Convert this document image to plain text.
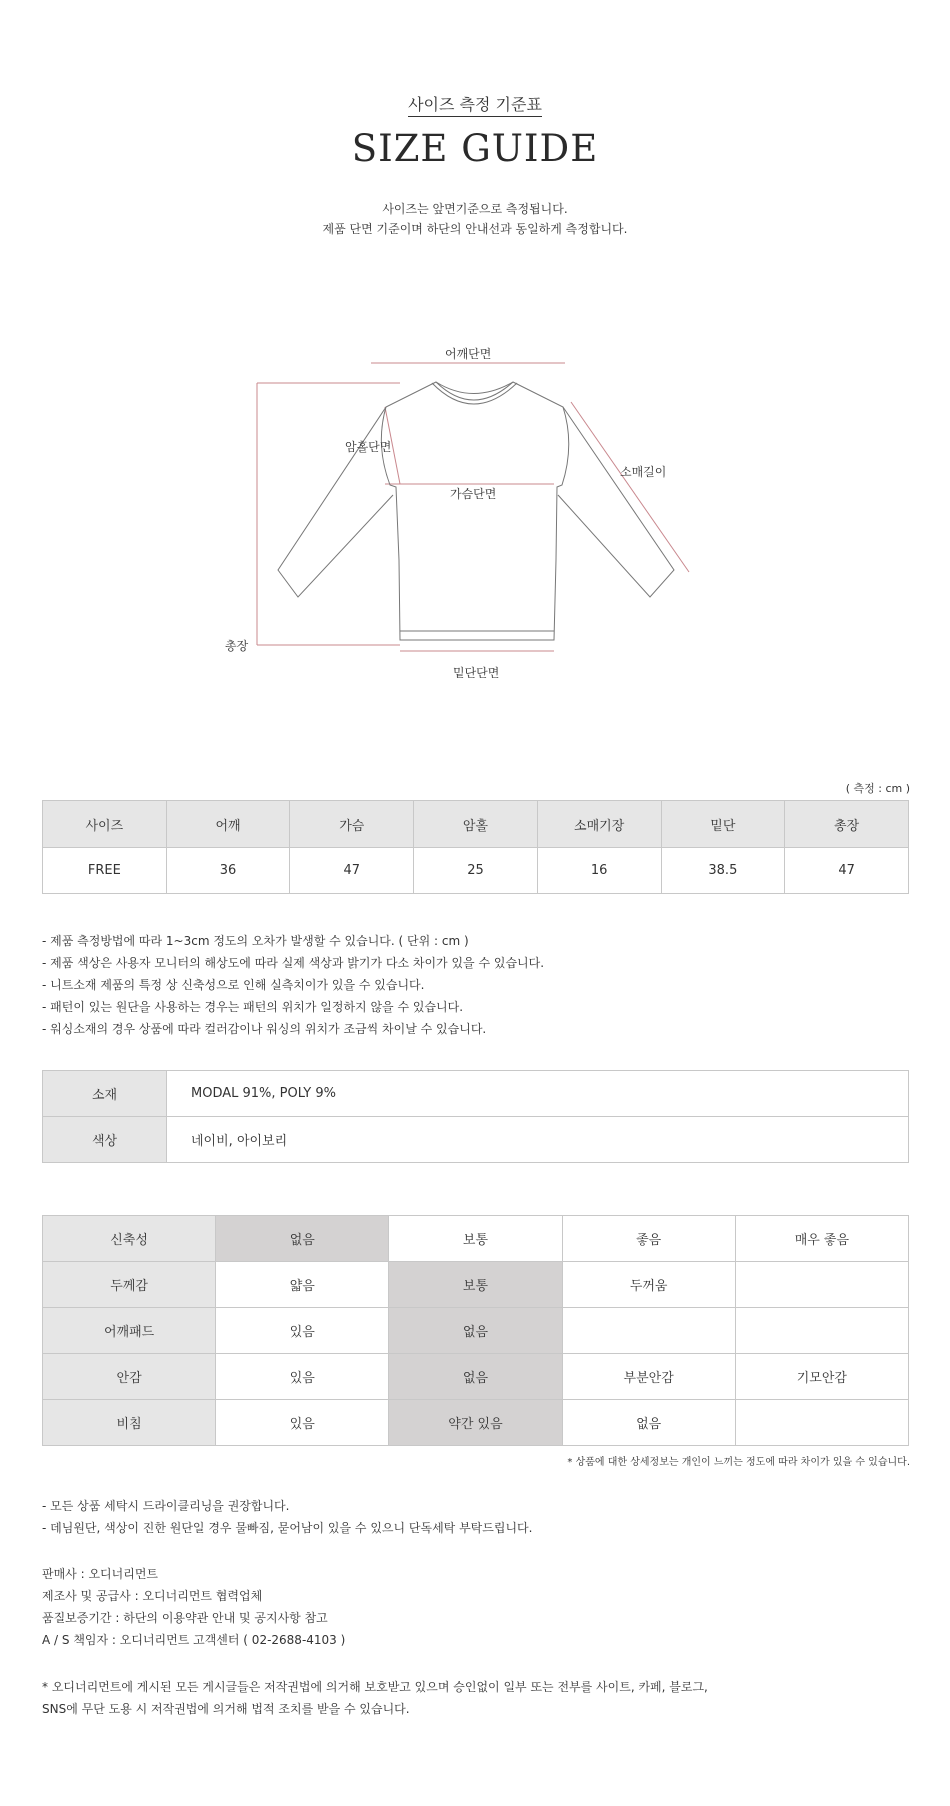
사이즈 측정 기준표
SIZE GUIDE
사이즈는 앞면기준으로 측정됩니다.
제품 단면 기준이며 하단의 안내선과 동일하게 측정합니다.
어깨단면
암홀단면
가슴단면
소매길이
총장
밑단단면
( 측정 : cm )
사이즈	어깨	가슴	암홀	소매기장	밑단	총장
FREE	36	47	25	16	38.5	47
- 제품 측정방법에 따라 1~3cm 정도의 오차가 발생할 수 있습니다. ( 단위 : cm )
- 제품 색상은 사용자 모니터의 해상도에 따라 실제 색상과 밝기가 다소 차이가 있을 수 있습니다.
- 니트소재 제품의 특정 상 신축성으로 인해 실측치이가 있을 수 있습니다.
- 패턴이 있는 원단을 사용하는 경우는 패턴의 위치가 일정하지 않을 수 있습니다.
- 워싱소재의 경우 상품에 따라 컬러감이나 워싱의 위치가 조금씩 차이날 수 있습니다.
소재	MODAL 91%, POLY 9%
색상	네이비, 아이보리
신축성	없음	보통	좋음	매우 좋음
두께감	얇음	보통	두꺼움	
어깨패드	있음	없음		
안감	있음	없음	부분안감	기모안감
비침	있음	약간 있음	없음	
* 상품에 대한 상세정보는 개인이 느끼는 정도에 따라 차이가 있을 수 있습니다.
- 모든 상품 세탁시 드라이클리닝을 권장합니다.
- 데님원단, 색상이 진한 원단일 경우 물빠짐, 묻어남이 있을 수 있으니 단독세탁 부탁드립니다.
판매사 : 오디너리먼트
제조사 및 공급사 : 오디너리먼트 협력업체
품질보증기간 : 하단의 이용약관 안내 및 공지사항 참고
A / S 책임자 : 오디너리먼트 고객센터 ( 02-2688-4103 )
* 오디너리먼트에 게시된 모든 게시글들은 저작권법에 의거해 보호받고 있으며 승인없이 일부 또는 전부를 사이트, 카페, 블로그,
SNS에 무단 도용 시 저작권법에 의거해 법적 조치를 받을 수 있습니다.
